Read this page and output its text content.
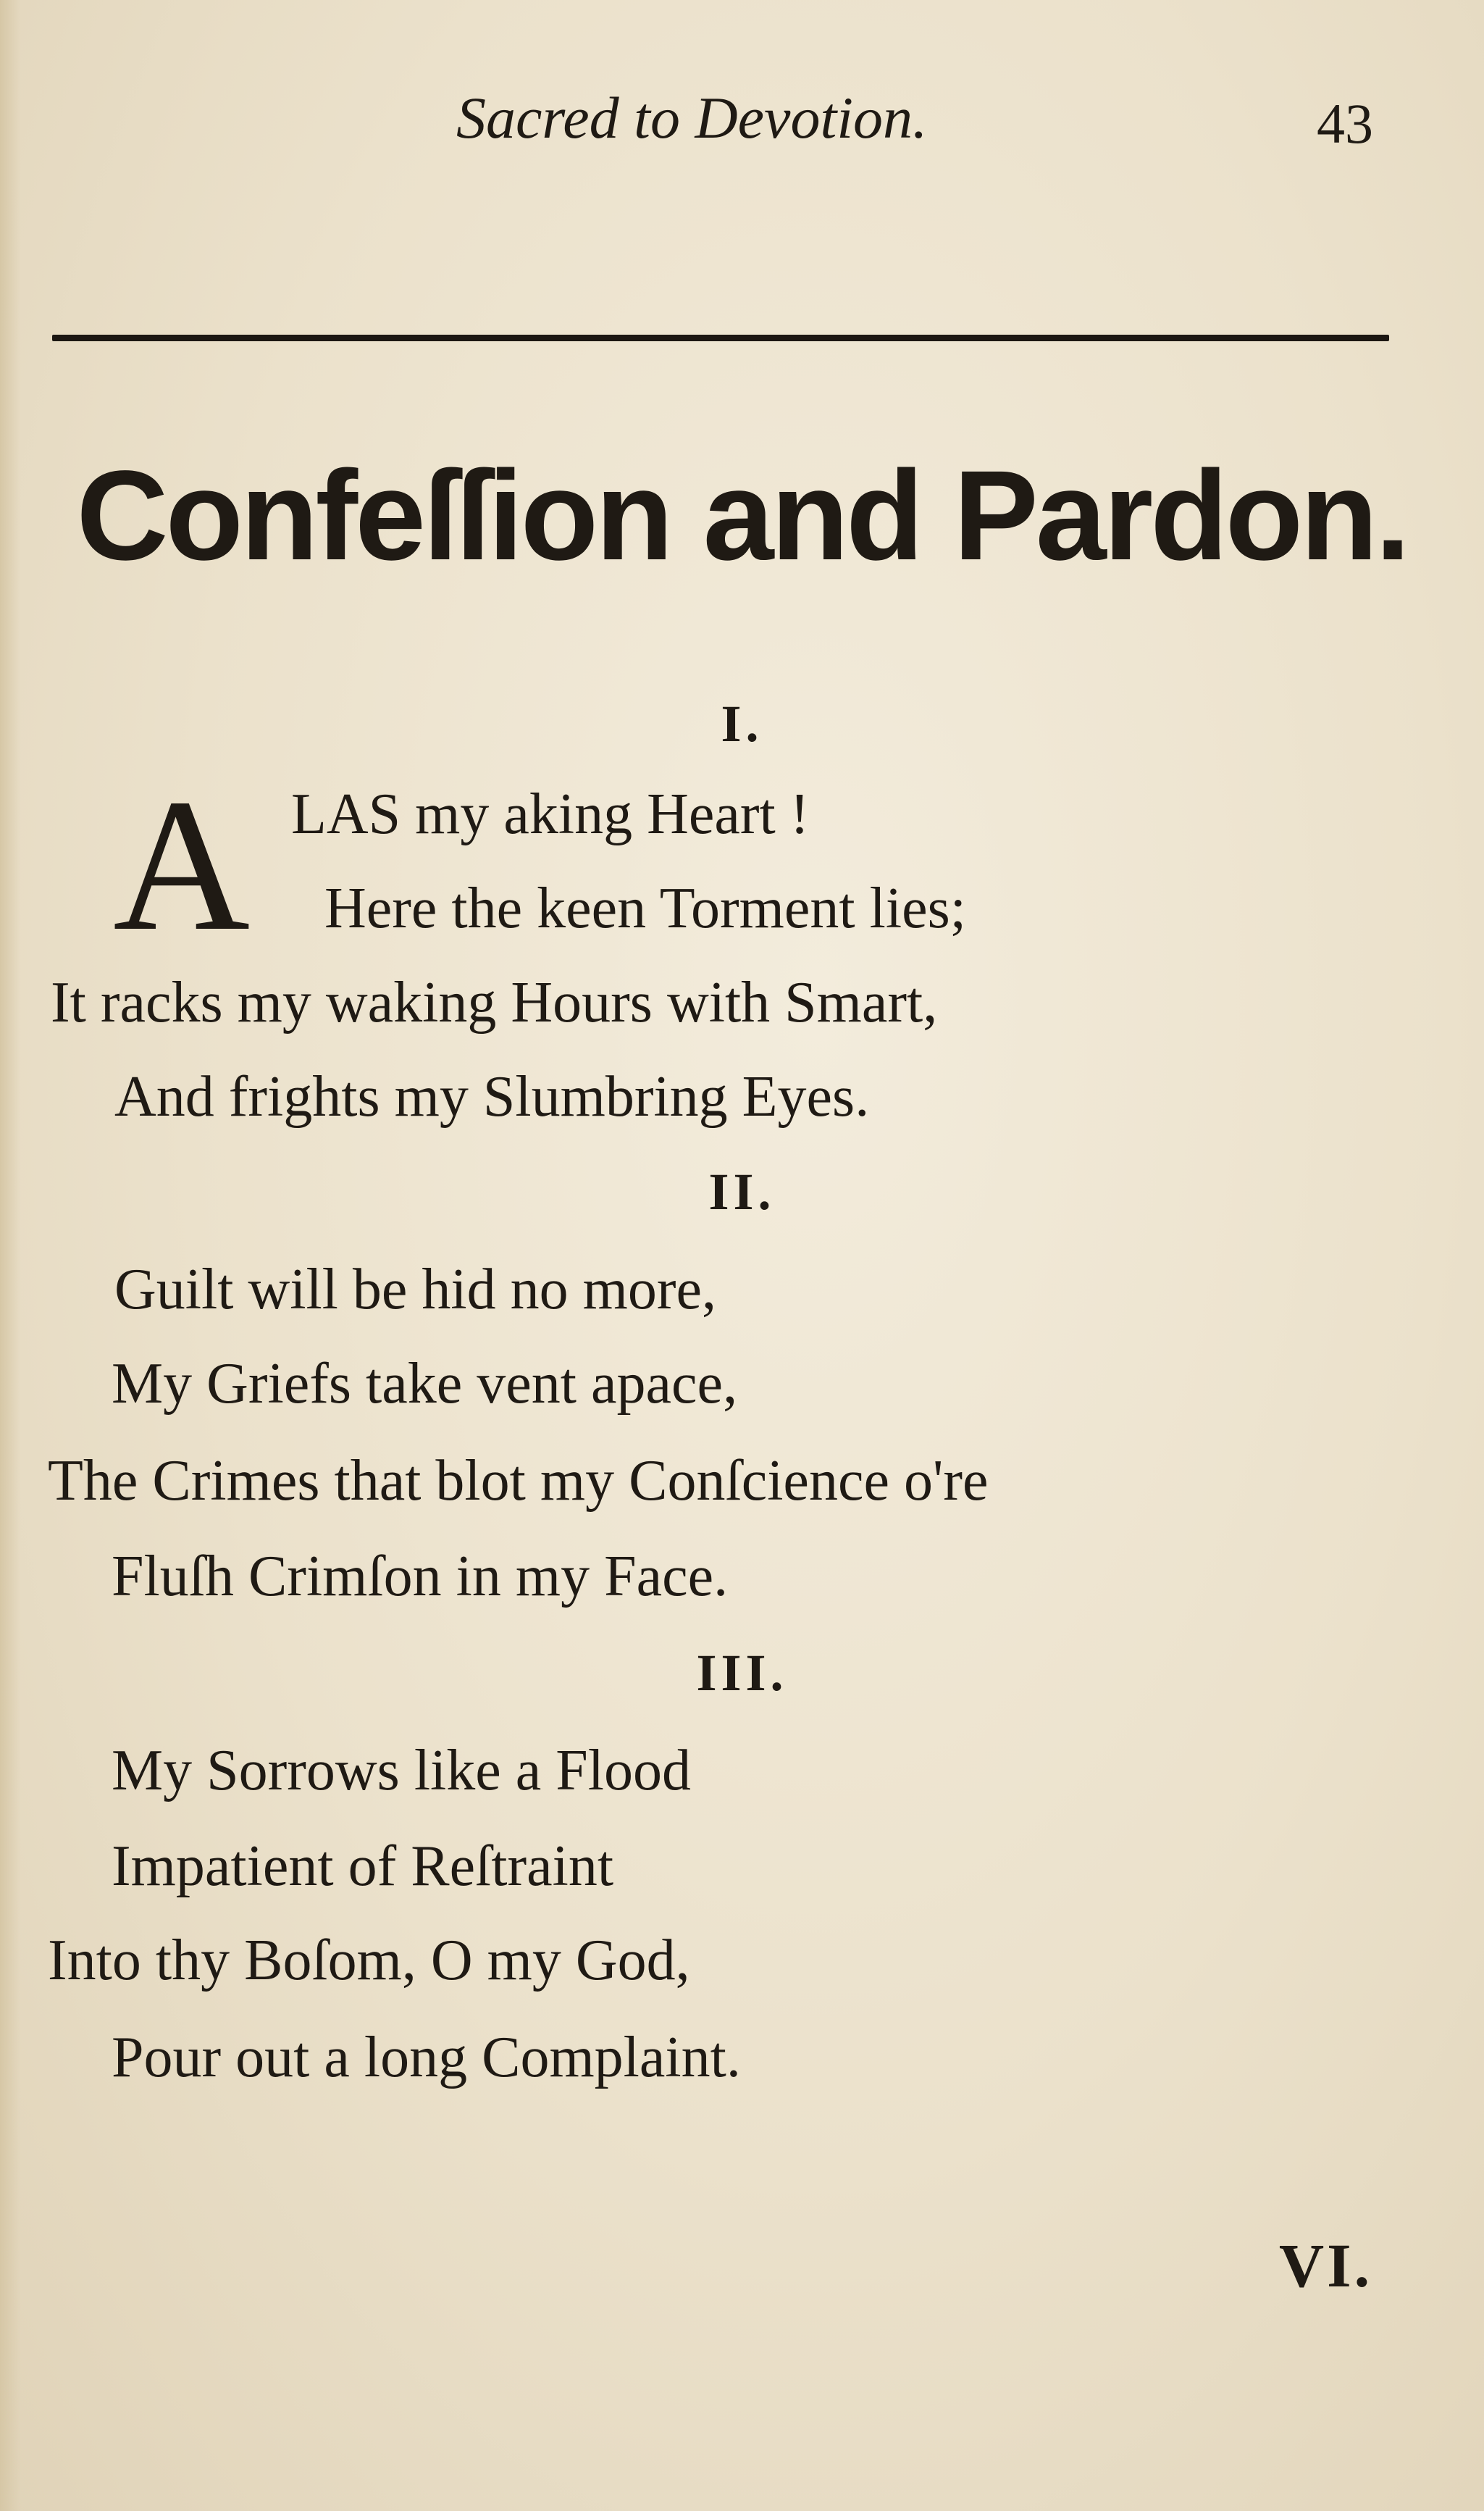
Sacred to Devotion.	43
Confeſſion and Pardon.
I.
A LAS my aking Heart !
Here the keen Torment lies;
It racks my waking Hours with Smart,
And frights my Slumbring Eyes.
II.
Guilt will be hid no more,
My Griefs take vent apace,
The Crimes that blot my Conſcience o're
Fluſh Crimſon in my Face.
III.
My Sorrows like a Flood
Impatient of Reſtraint
Into thy Boſom, O my God,
Pour out a long Complaint.
VI.
